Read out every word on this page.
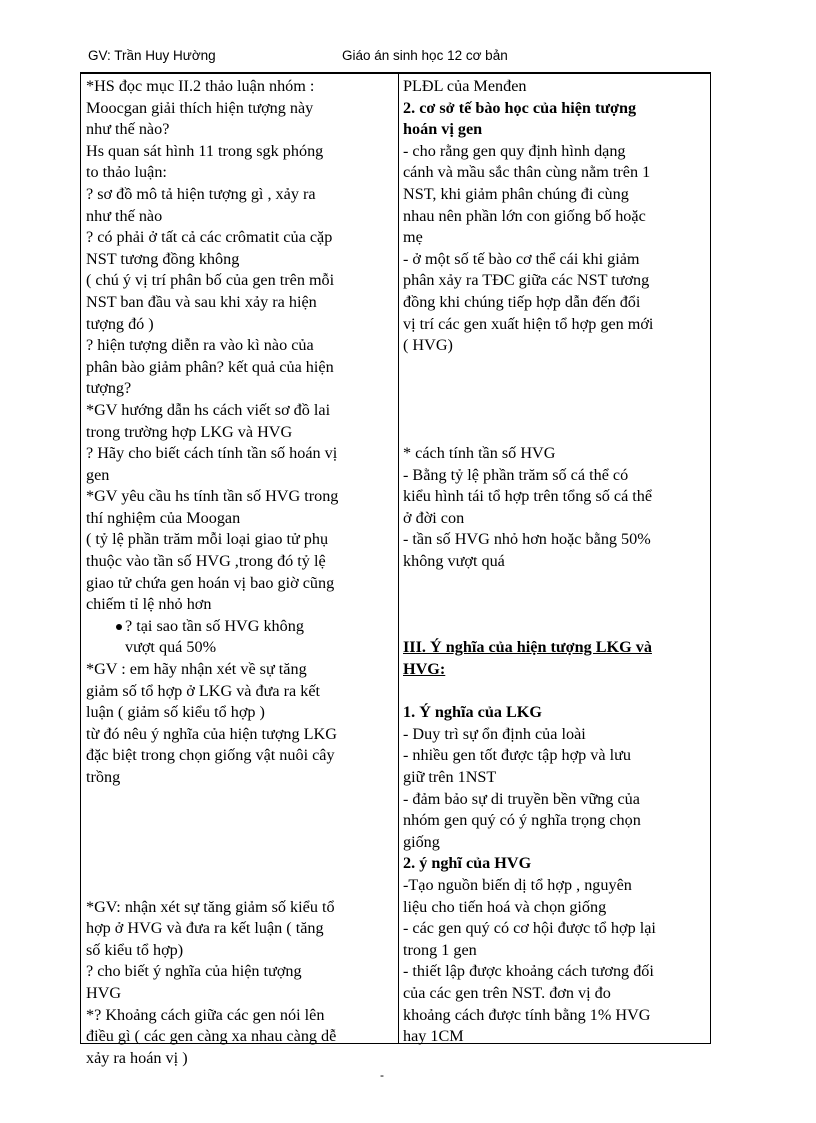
GV: Trần Huy Hường	Giáo án sinh học 12 cơ bản
*HS đọc mục II.2 thảo luận nhóm :
Moocgan giải thích hiện tượng này
như thế nào?
Hs quan sát hình 11 trong sgk phóng
to thảo luận:
? sơ đồ mô tả hiện tượng gì , xảy ra
như thế nào
? có phải ở tất cả các crômatit của cặp
NST tương đồng không
( chú ý vị trí phân bố của gen trên mỗi
NST ban đầu và sau khi xảy ra hiện
tượng đó )
? hiện tượng diễn ra vào kì nào của
phân bào giảm phân? kết quả của hiện
tượng?
*GV hướng dẫn hs cách viết sơ đồ lai
trong trường hợp LKG và HVG
? Hãy cho biết cách tính tần số hoán vị
gen
*GV yêu cầu hs tính tần số HVG trong
thí nghiệm của Moogan
( tỷ lệ phần trăm mỗi loại giao tử phụ
thuộc vào tần số HVG ,trong đó tỷ lệ
giao tử chứa gen hoán vị bao giờ cũng
chiếm tỉ lệ nhỏ hơn
? tại sao tần số HVG không
vượt quá 50%
*GV : em hãy nhận xét về sự tăng
giảm số tổ hợp ở LKG và đưa ra kết
luận ( giảm số kiểu tổ hợp )
từ đó nêu ý nghĩa của hiện tượng LKG
đặc biệt trong chọn giống vật nuôi cây
trồng
*GV: nhận xét sự tăng giảm số kiểu tổ
hợp ở HVG và đưa ra kết luận ( tăng
số kiểu tổ hợp)
? cho biết ý nghĩa của hiện tượng
HVG
*? Khoảng cách giữa các gen nói lên
điều gì ( các gen càng xa nhau càng dễ
xảy ra hoán vị )
PLĐL của Menđen
2. cơ sở tế bào học của hiện tượng
hoán vị gen
- cho rằng gen quy định hình dạng
cánh và mầu sắc thân cùng nằm trên 1
NST, khi giảm phân chúng đi cùng
nhau nên phần lớn con giống bố hoặc
mẹ
- ở một số tế bào cơ thể cái khi giảm
phân xảy ra TĐC giữa các NST tương
đồng khi chúng tiếp hợp dẫn đến đổi
vị trí các gen xuất hiện tổ hợp gen mới
( HVG)
* cách tính tần số HVG
- Bằng tỷ lệ phần trăm số cá thể có
kiểu hình tái tổ hợp trên tổng số cá thể
ở đời con
- tần số HVG nhỏ hơn hoặc bằng 50%
không vượt quá
III. Ý nghĩa của hiện tượng LKG và
HVG:
1. Ý nghĩa của LKG
- Duy trì sự ổn định của loài
- nhiều gen tốt được tập hợp và lưu
giữ trên 1NST
- đảm bảo sự di truyền bền vững của
nhóm gen quý có ý nghĩa trọng chọn
giống
2. ý nghĩ của HVG
-Tạo nguồn biến dị tổ hợp , nguyên
liệu cho tiến hoá và chọn giống
- các gen quý có cơ hội được tổ hợp lại
trong 1 gen
- thiết lập được khoảng cách tương đối
của các gen trên NST. đơn vị đo
khoảng cách được tính bằng 1% HVG
hay 1CM
-
